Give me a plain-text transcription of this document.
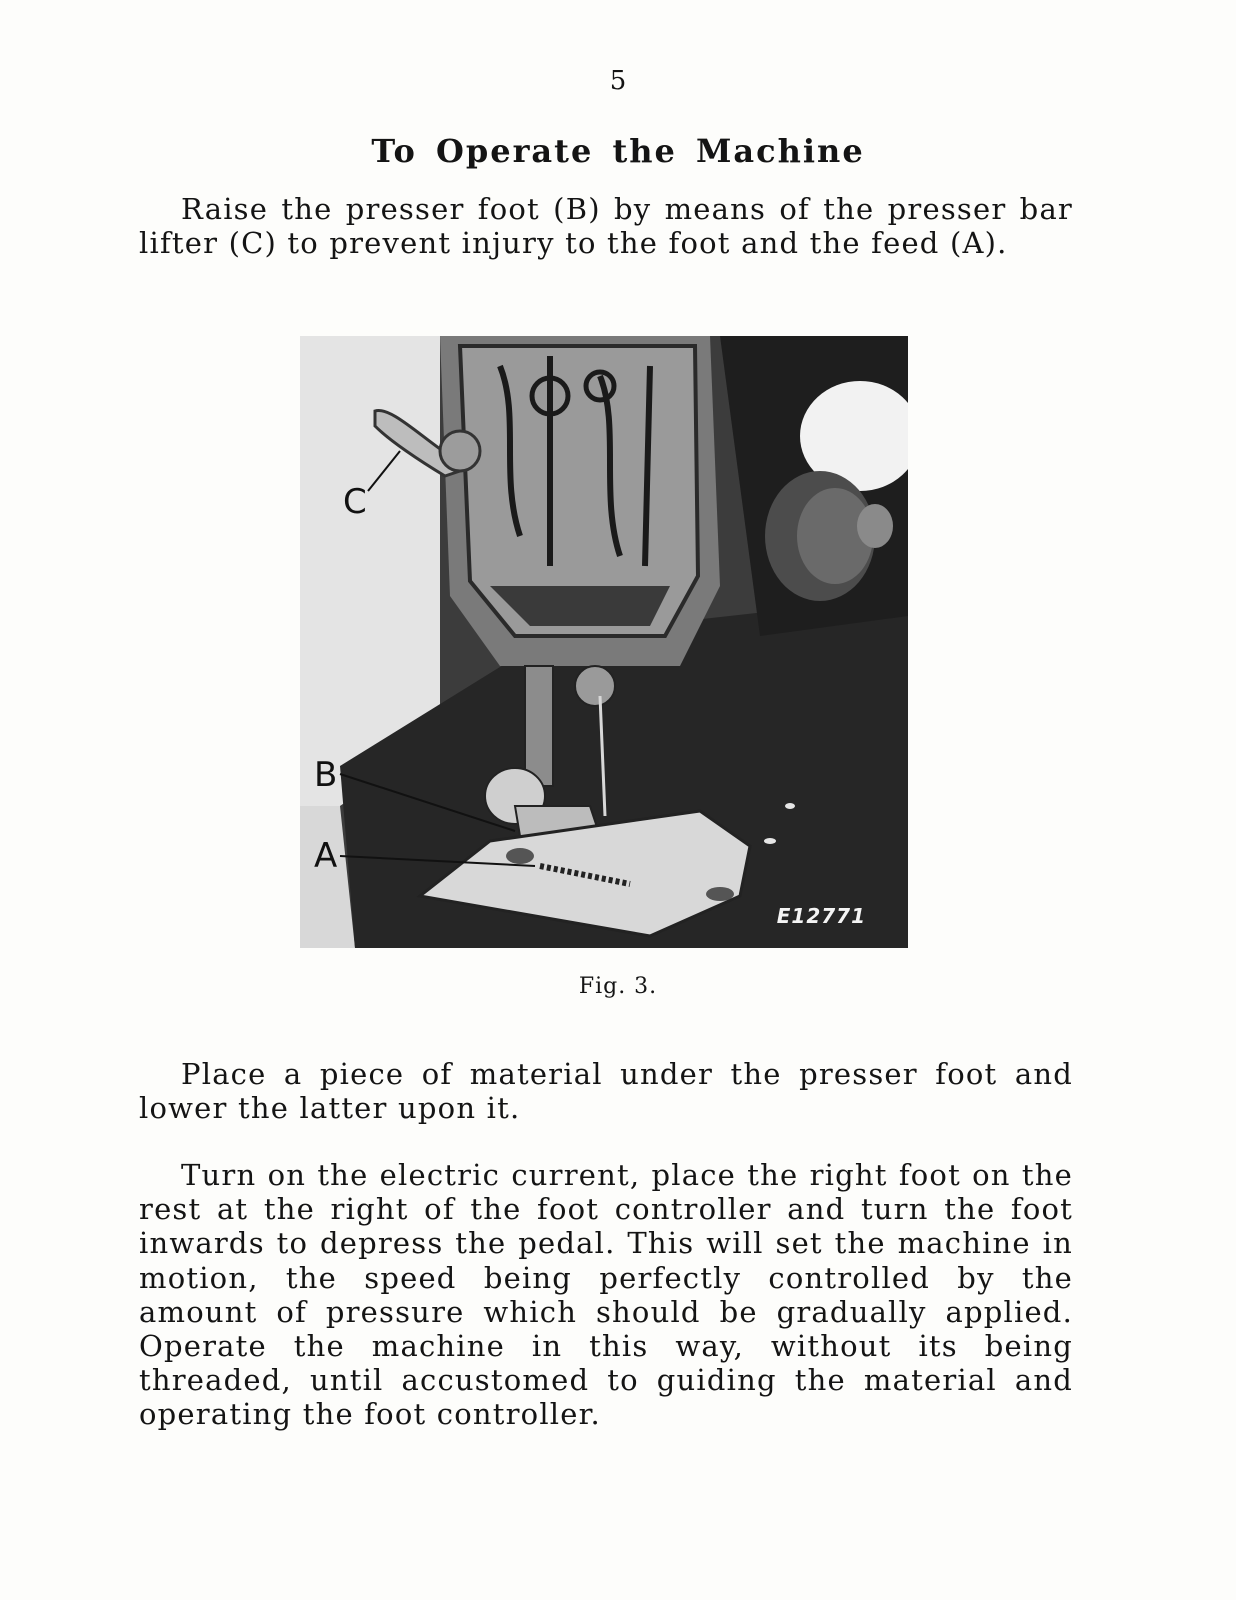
5
To Operate the Machine

Raise the presser foot (B) by means of the presser bar lifter (C) to prevent injury to the foot and the feed (A).

C
B
A
E12771
Fig. 3.

Place a piece of material under the presser foot and lower the latter upon it.

Turn on the electric current, place the right foot on the rest at the right of the foot controller and turn the foot inwards to depress the pedal. This will set the machine in motion, the speed being perfectly controlled by the amount of pressure which should be gradually applied. Operate the machine in this way, without its being threaded, until accustomed to guiding the material and operating the foot controller.
